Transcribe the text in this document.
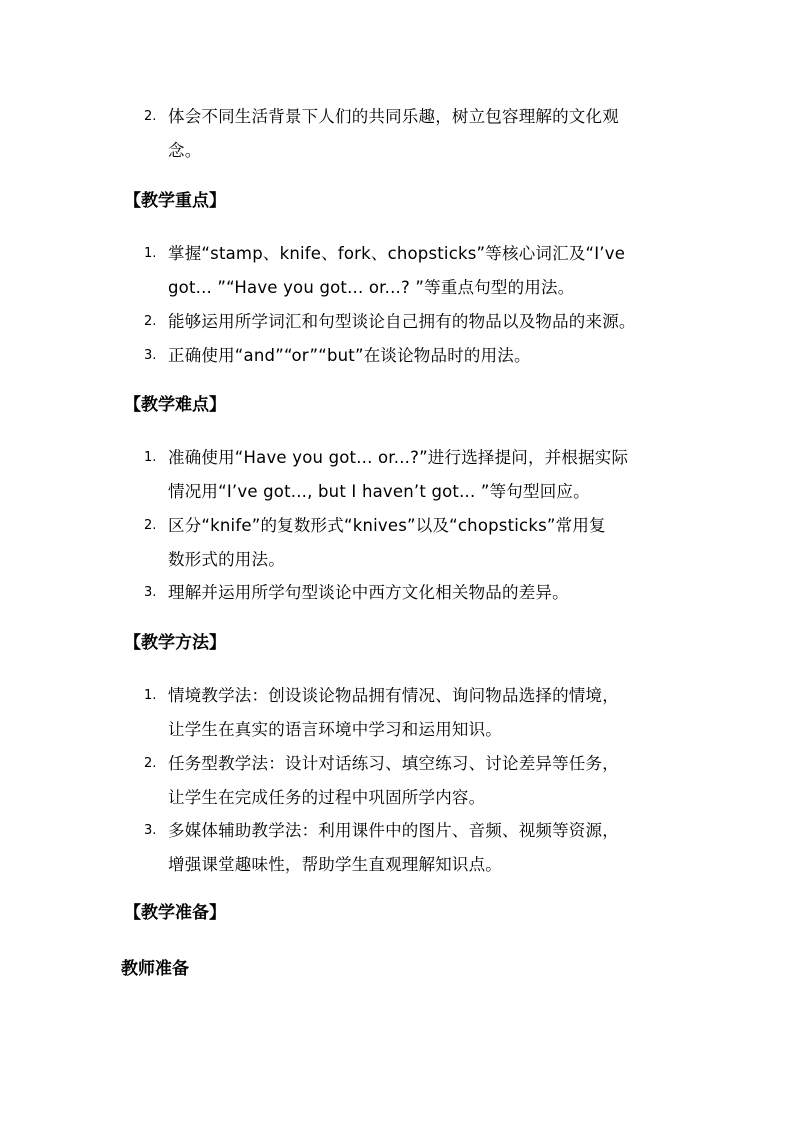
2. 体会不同生活背景下人们的共同乐趣，树立包容理解的文化观
念。
【教学重点】
1. 掌握“stamp、knife、fork、chopsticks”等核心词汇及“I’ve
got... ”“Have you got... or...? ”等重点句型的用法。
2. 能够运用所学词汇和句型谈论自己拥有的物品以及物品的来源。
3. 正确使用“and”“or”“but”在谈论物品时的用法。
【教学难点】
1. 准确使用“Have you got... or...?”进行选择提问，并根据实际
情况用“I’ve got..., but I haven’t got... ”等句型回应。
2. 区分“knife”的复数形式“knives”以及“chopsticks”常用复
数形式的用法。
3. 理解并运用所学句型谈论中西方文化相关物品的差异。
【教学方法】
1. 情境教学法：创设谈论物品拥有情况、询问物品选择的情境，
让学生在真实的语言环境中学习和运用知识。
2. 任务型教学法：设计对话练习、填空练习、讨论差异等任务，
让学生在完成任务的过程中巩固所学内容。
3. 多媒体辅助教学法：利用课件中的图片、音频、视频等资源，
增强课堂趣味性，帮助学生直观理解知识点。
【教学准备】
教师准备
